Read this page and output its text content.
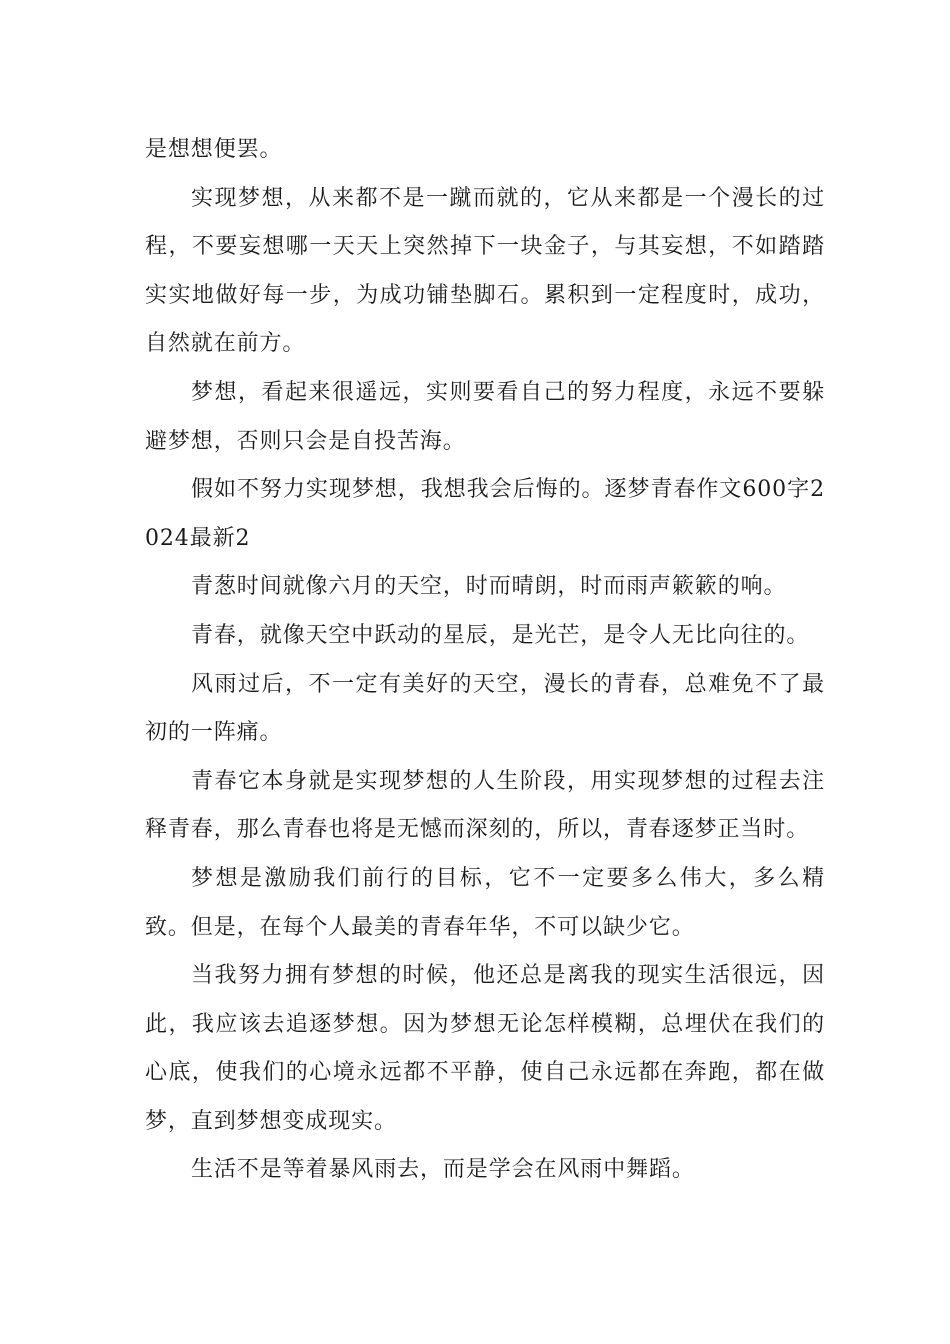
是想想便罢。

实现梦想，从来都不是一蹴而就的，它从来都是一个漫长的过程，不要妄想哪一天天上突然掉下一块金子，与其妄想，不如踏踏实实地做好每一步，为成功铺垫脚石。累积到一定程度时，成功，自然就在前方。

梦想，看起来很遥远，实则要看自己的努力程度，永远不要躲避梦想，否则只会是自投苦海。

假如不努力实现梦想，我想我会后悔的。逐梦青春作文600字2024最新2

青葱时间就像六月的天空，时而晴朗，时而雨声簌簌的响。

青春，就像天空中跃动的星辰，是光芒，是令人无比向往的。

风雨过后，不一定有美好的天空，漫长的青春，总难免不了最初的一阵痛。

青春它本身就是实现梦想的人生阶段，用实现梦想的过程去注释青春，那么青春也将是无憾而深刻的，所以，青春逐梦正当时。

梦想是激励我们前行的目标，它不一定要多么伟大，多么精致。但是，在每个人最美的青春年华，不可以缺少它。

当我努力拥有梦想的时候，他还总是离我的现实生活很远，因此，我应该去追逐梦想。因为梦想无论怎样模糊，总埋伏在我们的心底，使我们的心境永远都不平静，使自己永远都在奔跑，都在做梦，直到梦想变成现实。

生活不是等着暴风雨去，而是学会在风雨中舞蹈。
